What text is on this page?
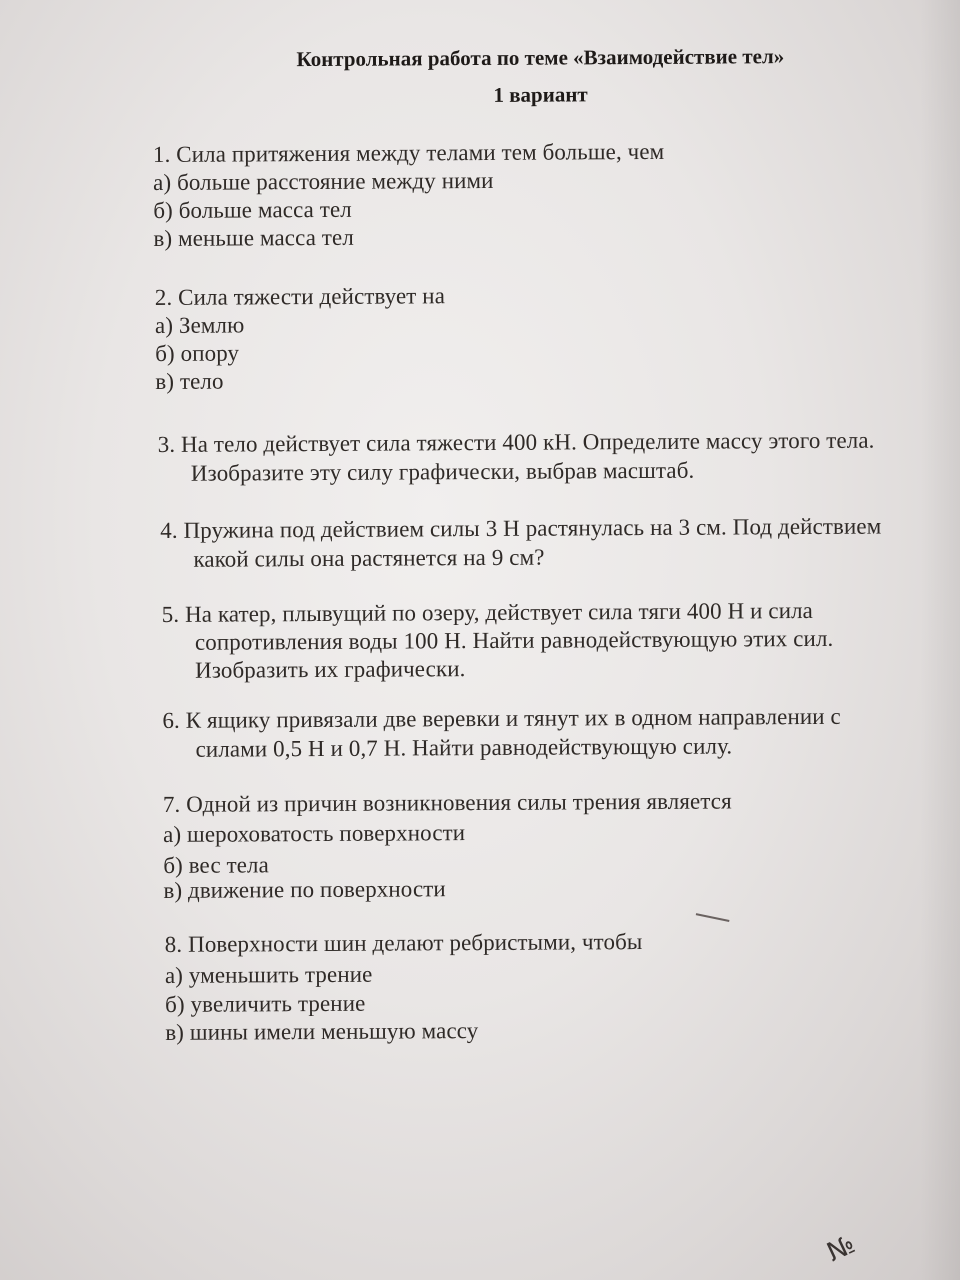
Контрольная работа по теме «Взаимодействие тел»
1 вариант
1. Сила притяжения между телами тем больше, чем
а) больше расстояние между ними
б) больше масса тел
в) меньше масса тел
2. Сила тяжести действует на
а) Землю
б) опору
в) тело
3. На тело действует сила тяжести 400 кН. Определите массу этого тела.
Изобразите эту силу графически, выбрав масштаб.
4. Пружина под действием силы 3 Н растянулась на 3 см. Под действием
какой силы она растянется на 9 см?
5. На катер, плывущий по озеру, действует сила тяги 400 Н и сила
сопротивления воды 100 Н. Найти равнодействующую этих сил.
Изобразить их графически.
6. К ящику привязали две веревки и тянут их в одном направлении с
силами 0,5 Н и 0,7 Н. Найти равнодействующую силу.
7. Одной из причин возникновения силы трения является
а) шероховатость поверхности
б) вес тела
в) движение по поверхности
8. Поверхности шин делают ребристыми, чтобы
а) уменьшить трение
б) увеличить трение
в) шины имели меньшую массу
№
